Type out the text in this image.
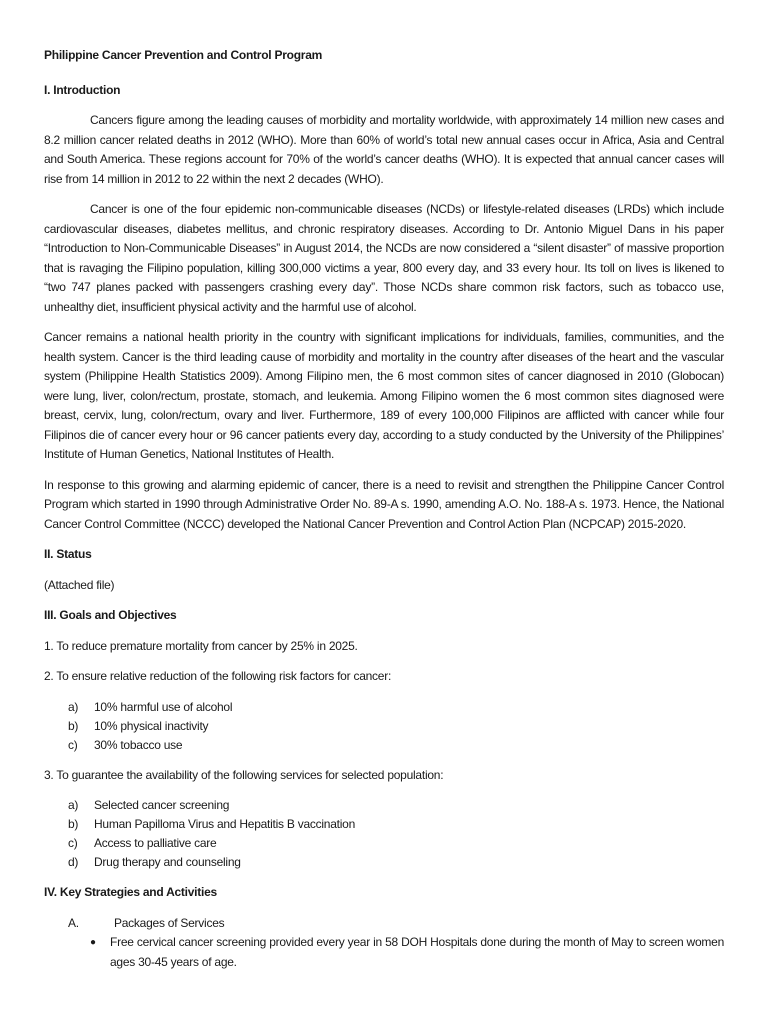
Philippine Cancer Prevention and Control Program
I. Introduction

Cancers figure among the leading causes of morbidity and mortality worldwide, with approximately 14 million new cases and 8.2 million cancer related deaths in 2012 (WHO). More than 60% of world’s total new annual cases occur in Africa, Asia and Central and South America. These regions account for 70% of the world’s cancer deaths (WHO). It is expected that annual cancer cases will rise from 14 million in 2012 to 22 within the next 2 decades (WHO).

Cancer is one of the four epidemic non-communicable diseases (NCDs) or lifestyle-related diseases (LRDs) which include cardiovascular diseases, diabetes mellitus, and chronic respiratory diseases. According to Dr. Antonio Miguel Dans in his paper “Introduction to Non-Communicable Diseases” in August 2014, the NCDs are now considered a “silent disaster” of massive proportion that is ravaging the Filipino population, killing 300,000 victims a year, 800 every day, and 33 every hour. Its toll on lives is likened to “two 747 planes packed with passengers crashing every day”. Those NCDs share common risk factors, such as tobacco use, unhealthy diet, insufficient physical activity and the harmful use of alcohol.

Cancer remains a national health priority in the country with significant implications for individuals, families, communities, and the health system. Cancer is the third leading cause of morbidity and mortality in the country after diseases of the heart and the vascular system (Philippine Health Statistics 2009). Among Filipino men, the 6 most common sites of cancer diagnosed in 2010 (Globocan) were lung, liver, colon/rectum, prostate, stomach, and leukemia. Among Filipino women the 6 most common sites diagnosed were breast, cervix, lung, colon/rectum, ovary and liver. Furthermore, 189 of every 100,000 Filipinos are afflicted with cancer while four Filipinos die of cancer every hour or 96 cancer patients every day, according to a study conducted by the University of the Philippines’ Institute of Human Genetics, National Institutes of Health.

In response to this growing and alarming epidemic of cancer, there is a need to revisit and strengthen the Philippine Cancer Control Program which started in 1990 through Administrative Order No. 89-A s. 1990, amending A.O. No. 188-A s. 1973. Hence, the National Cancer Control Committee (NCCC) developed the National Cancer Prevention and Control Action Plan (NCPCAP) 2015-2020.

II. Status

(Attached file)

III. Goals and Objectives

1. To reduce premature mortality from cancer by 25% in 2025.

2. To ensure relative reduction of the following risk factors for cancer:

a)	10% harmful use of alcohol
b)	10% physical inactivity
c)	30% tobacco use

3. To guarantee the availability of the following services for selected population:

a)	Selected cancer screening
b)	Human Papilloma Virus and Hepatitis B vaccination
c)	Access to palliative care
d)	Drug therapy and counseling
IV. Key Strategies and Activities
A.	Packages of Services
●	Free cervical cancer screening provided every year in 58 DOH Hospitals done during the month of May to screen women ages 30-45 years of age.
